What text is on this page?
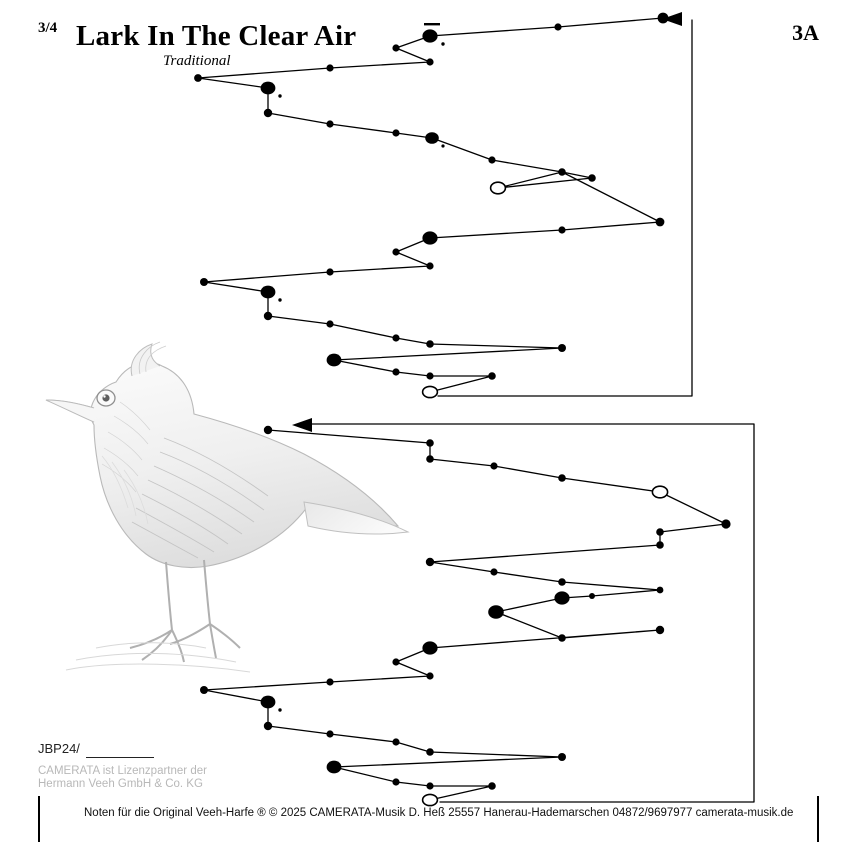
3/4 Lark In The Clear Air
Traditional
3A
JBP24/
CAMERATA ist Lizenzpartner der
Hermann Veeh GmbH & Co. KG
Noten für die Original Veeh-Harfe ® © 2025 CAMERATA-Musik D. Heß 25557 Hanerau-Hademarschen 04872/9697977 camerata-musik.de
